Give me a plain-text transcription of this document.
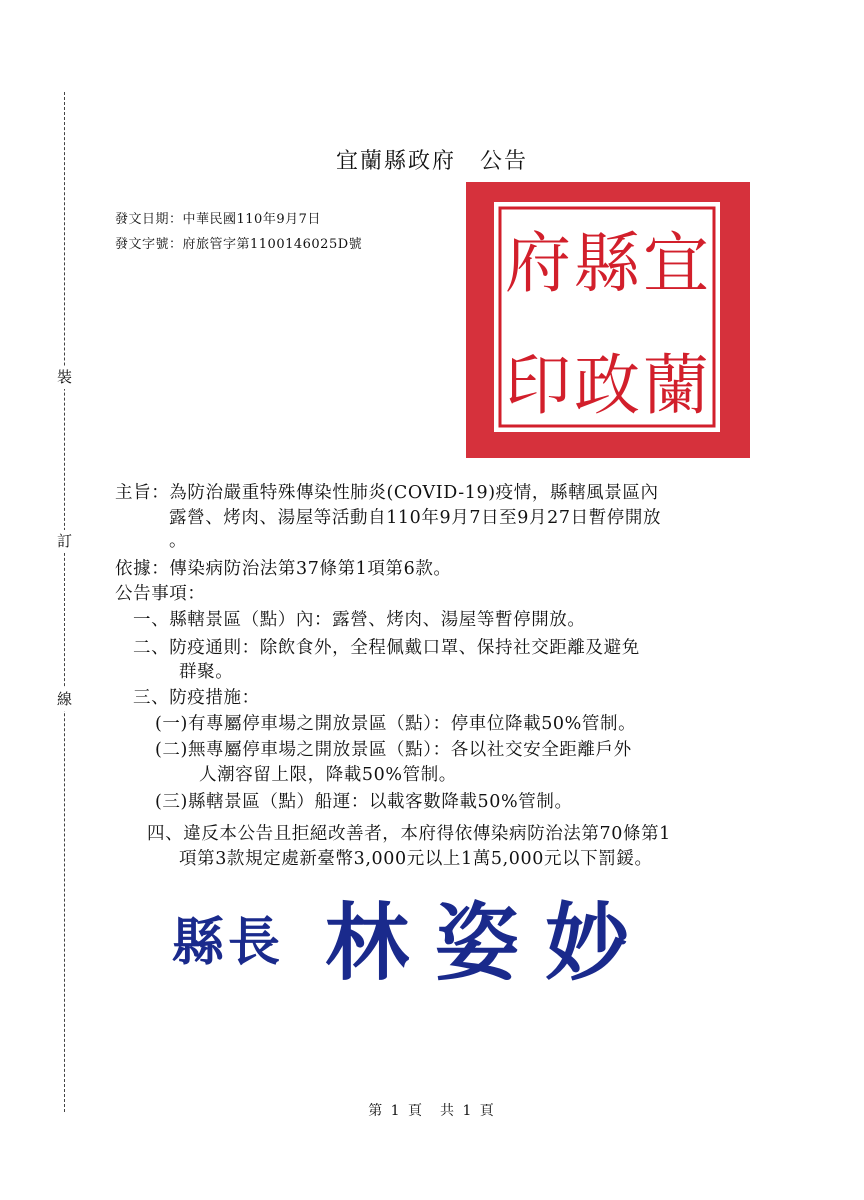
裝
訂
線
宜蘭縣政府　公告
發文日期：中華民國110年9月7日
發文字號：府旅管字第1100146025D號	宜
蘭
縣
政
府
印
主旨：為防治嚴重特殊傳染性肺炎(COVID-19)疫情，縣轄風景區內
露營、烤肉、湯屋等活動自110年9月7日至9月27日暫停開放
。
依據：傳染病防治法第37條第1項第6款。
公告事項：
一、縣轄景區（點）內：露營、烤肉、湯屋等暫停開放。
二、防疫通則：除飲食外，全程佩戴口罩、保持社交距離及避免
群聚。
三、防疫措施：
(一)有專屬停車場之開放景區（點）：停車位降載50%管制。
(二)無專屬停車場之開放景區（點）：各以社交安全距離戶外
人潮容留上限，降載50%管制。
(三)縣轄景區（點）船運：以載客數降載50%管制。
四、違反本公告且拒絕改善者，本府得依傳染病防治法第70條第1
項第3款規定處新臺幣3,000元以上1萬5,000元以下罰鍰。
縣長 林姿妙
第 1 頁　共 1 頁
